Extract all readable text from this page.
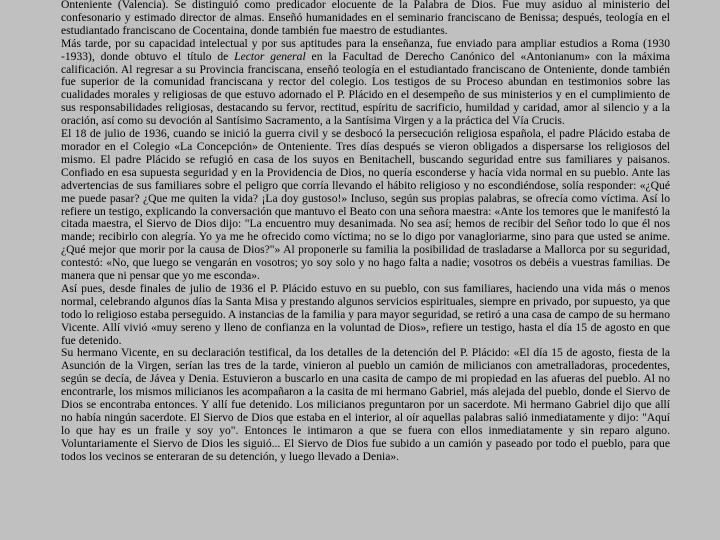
Onteniente (Valencia). Se distinguió como predicador elocuente de la Palabra de Dios. Fue muy asiduo al ministerio del confesonario y estimado director de almas. Enseñó humanidades en el seminario franciscano de Benissa; después, teología en el estudiantado franciscano de Cocentaina, donde también fue maestro de estudiantes.

Más tarde, por su capacidad intelectual y por sus aptitudes para la enseñanza, fue enviado para ampliar estudios a Roma (1930 -1933), donde obtuvo el título de Lector general en la Facultad de Derecho Canónico del «Antonianum» con la máxima calificación. Al regresar a su Provincia franciscana, enseñó teología en el estudiantado franciscano de Onteniente, donde también fue superior de la comunidad franciscana y rector del colegio. Los testigos de su Proceso abundan en testimonios sobre las cualidades morales y religiosas de que estuvo adornado el P. Plácido en el desempeño de sus ministerios y en el cumplimiento de sus responsabilidades religiosas, destacando su fervor, rectitud, espíritu de sacrificio, humildad y caridad, amor al silencio y a la oración, así como su devoción al Santísimo Sacramento, a la Santísima Virgen y a la práctica del Vía Crucis.

El 18 de julio de 1936, cuando se inició la guerra civil y se desbocó la persecución religiosa española, el padre Plácido estaba de morador en el Colegio «La Concepción» de Onteniente. Tres días después se vieron obligados a dispersarse los religiosos del mismo. El padre Plácido se refugió en casa de los suyos en Benitachell, buscando seguridad entre sus familiares y paisanos. Confiado en esa supuesta seguridad y en la Providencia de Dios, no quería esconderse y hacía vida normal en su pueblo. Ante las advertencias de sus familiares sobre el peligro que corría llevando el hábito religioso y no escondiéndose, solía responder: «¿Qué me puede pasar? ¿Que me quiten la vida? ¡La doy gustoso!» Incluso, según sus propias palabras, se ofrecía como víctima. Así lo refiere un testigo, explicando la conversación que mantuvo el Beato con una señora maestra: «Ante los temores que le manifestó la citada maestra, el Siervo de Dios dijo: "La encuentro muy desanimada. No sea así; hemos de recibir del Señor todo lo que él nos mande; recibirlo con alegría. Yo ya me he ofrecido como víctima; no se lo digo por vanagloriarme, sino para que usted se anime. ¿Qué mejor que morir por la causa de Dios?"» Al proponerle su familia la posibilidad de trasladarse a Mallorca por su seguridad, contestó: «No, que luego se vengarán en vosotros; yo soy solo y no hago falta a nadie; vosotros os debéis a vuestras familias. De manera que ni pensar que yo me esconda».

Así pues, desde finales de julio de 1936 el P. Plácido estuvo en su pueblo, con sus familiares, haciendo una vida más o menos normal, celebrando algunos días la Santa Misa y prestando algunos servicios espirituales, siempre en privado, por supuesto, ya que todo lo religioso estaba perseguido. A instancias de la familia y para mayor seguridad, se retiró a una casa de campo de su hermano Vicente. Allí vivió «muy sereno y lleno de confianza en la voluntad de Dios», refiere un testigo, hasta el día 15 de agosto en que fue detenido.

Su hermano Vicente, en su declaración testifical, da los detalles de la detención del P. Plácido: «El día 15 de agosto, fiesta de la Asunción de la Virgen, serían las tres de la tarde, vinieron al pueblo un camión de milicianos con ametralladoras, procedentes, según se decía, de Jávea y Denia. Estuvieron a buscarlo en una casita de campo de mi propiedad en las afueras del pueblo. Al no encontrarle, los mismos milicianos les acompañaron a la casita de mi hermano Gabriel, más alejada del pueblo, donde el Siervo de Dios se encontraba entonces. Y allí fue detenido. Los milicianos preguntaron por un sacerdote. Mi hermano Gabriel dijo que allí no había ningún sacerdote. El Siervo de Dios que estaba en el interior, al oír aquellas palabras salió inmediatamente y dijo: "Aquí lo que hay es un fraile y soy yo". Entonces le intimaron a que se fuera con ellos inmediatamente y sin reparo alguno. Voluntariamente el Siervo de Dios les siguió... El Siervo de Dios fue subido a un camión y paseado por todo el pueblo, para que todos los vecinos se enteraran de su detención, y luego llevado a Denia».
